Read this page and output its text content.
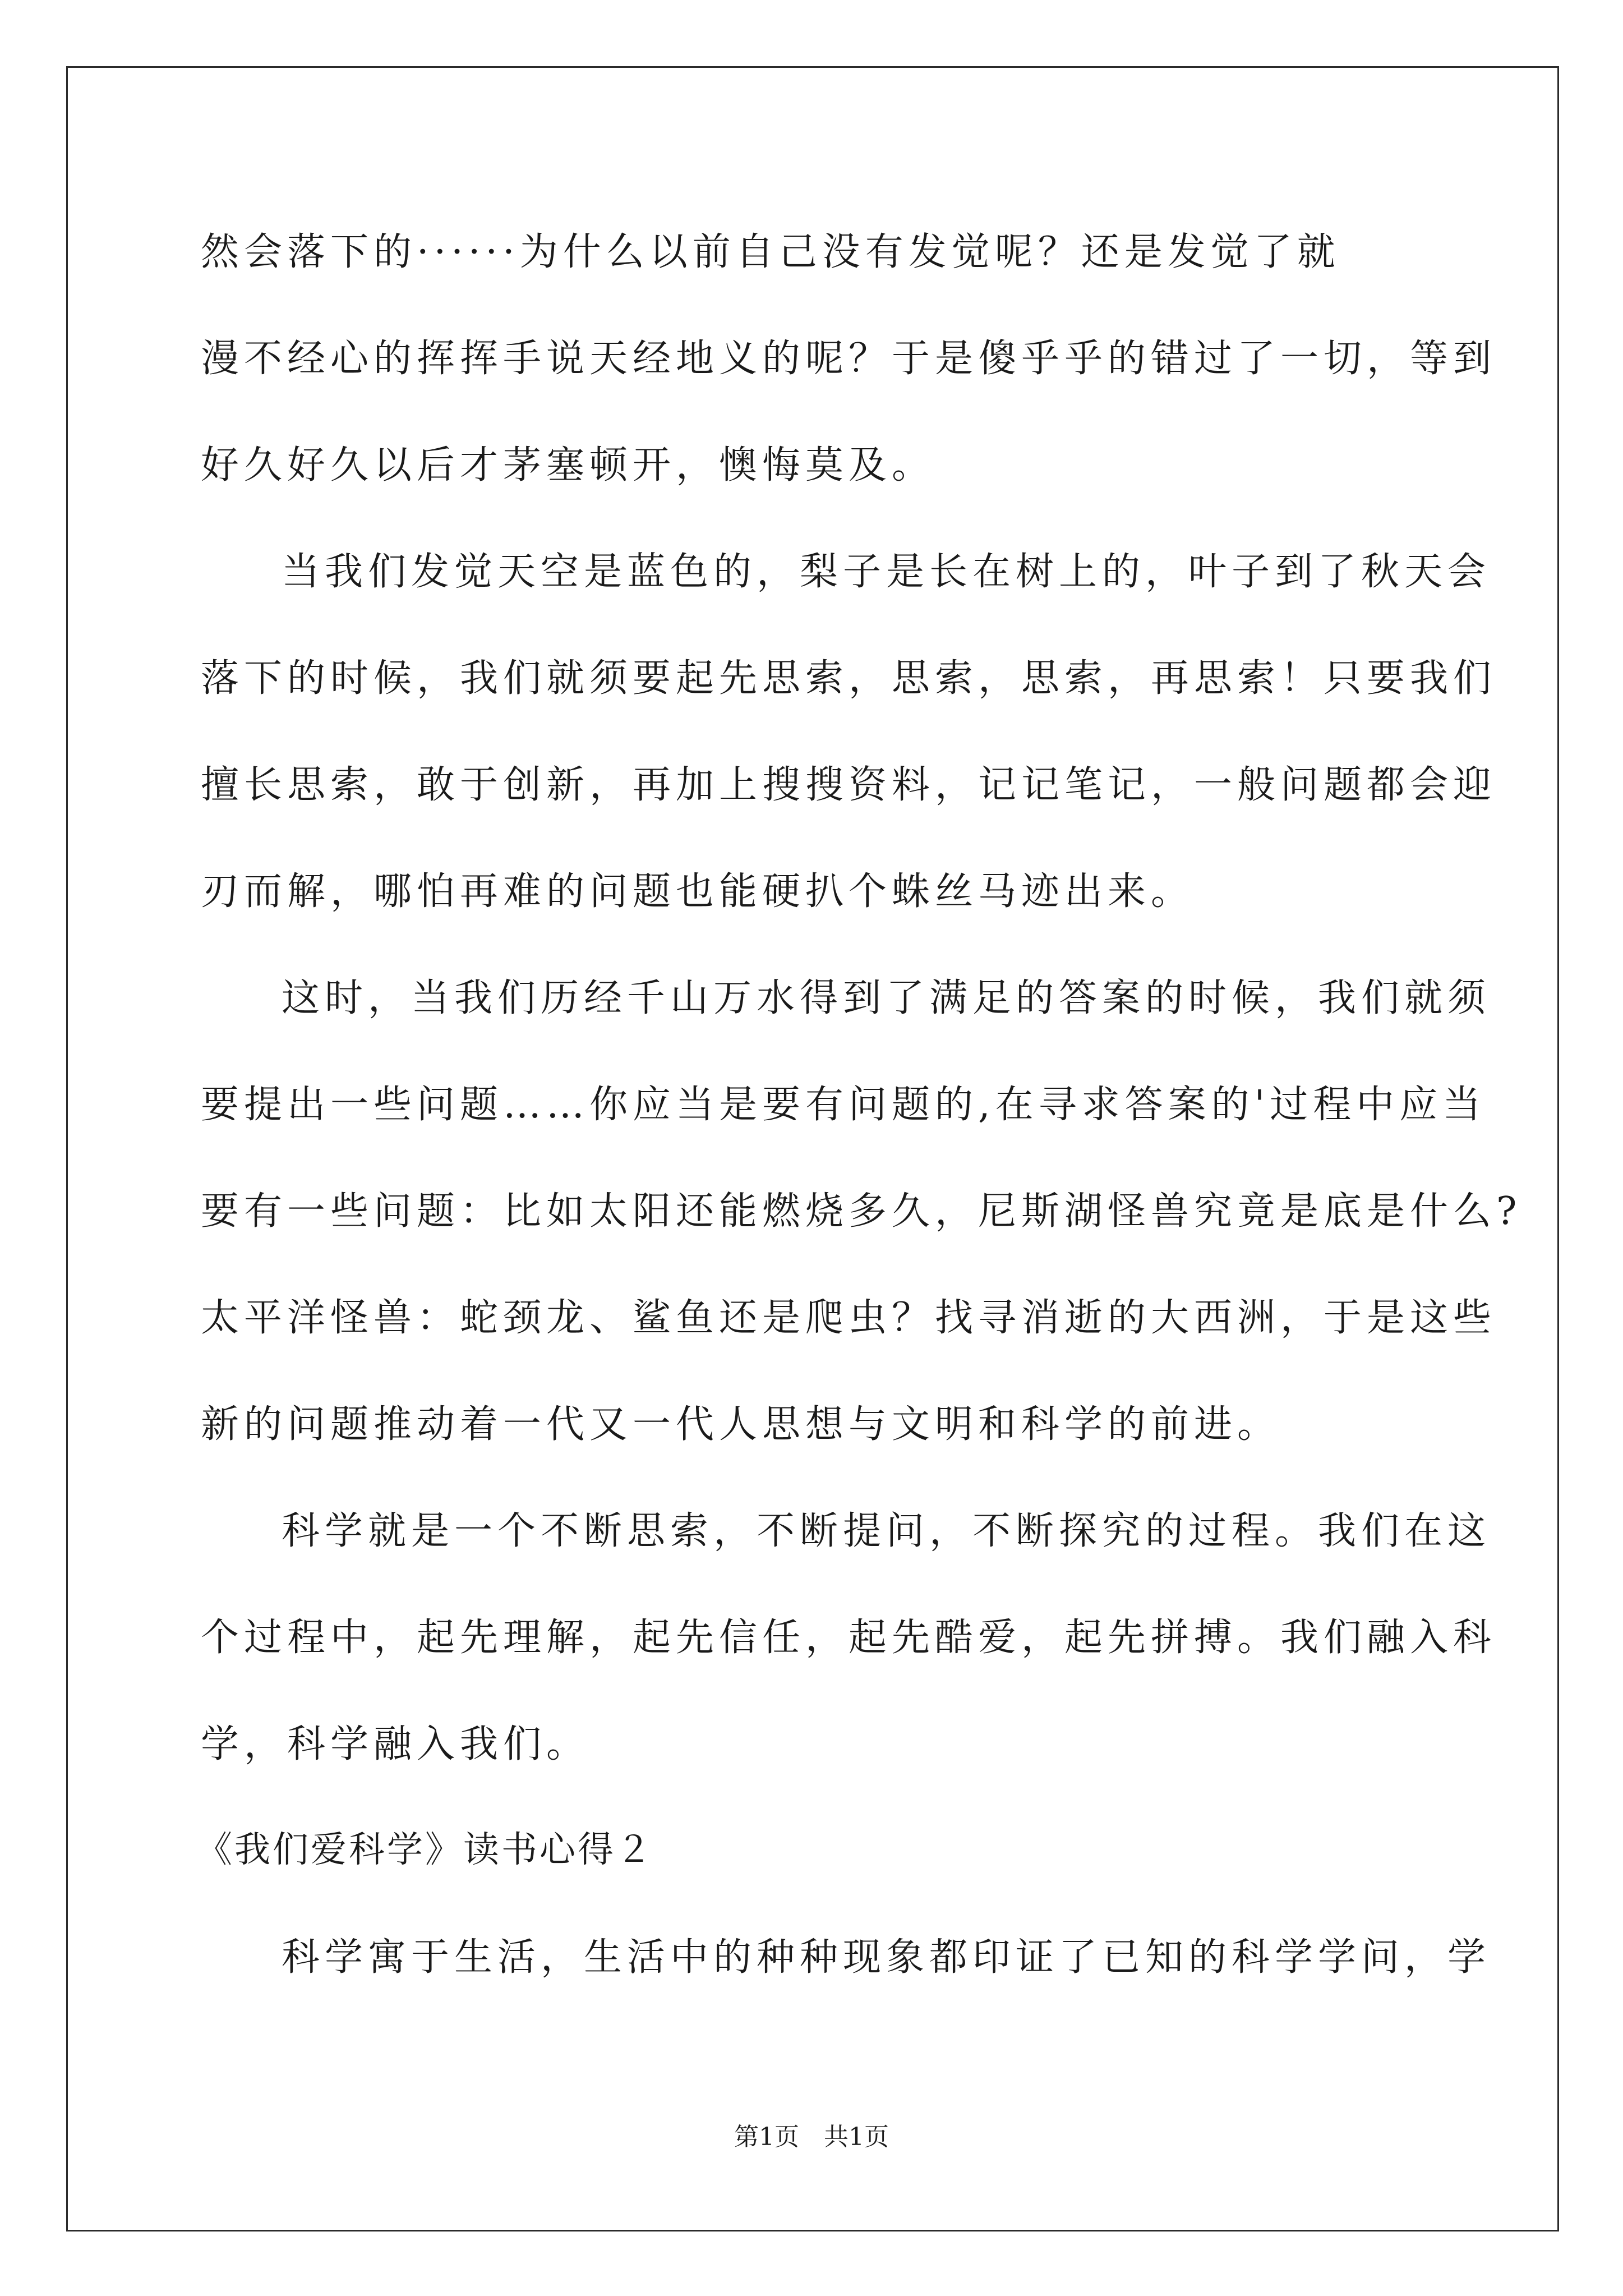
然会落下的······为什么以前自己没有发觉呢？还是发觉了就
漫不经心的挥挥手说天经地义的呢？于是傻乎乎的错过了一切，等到
好久好久以后才茅塞顿开，懊悔莫及。
当我们发觉天空是蓝色的，梨子是长在树上的，叶子到了秋天会
落下的时候，我们就须要起先思索，思索，思索，再思索！只要我们
擅长思索，敢于创新，再加上搜搜资料，记记笔记，一般问题都会迎
刃而解，哪怕再难的问题也能硬扒个蛛丝马迹出来。
这时，当我们历经千山万水得到了满足的答案的时候，我们就须
要提出一些问题……你应当是要有问题的,在寻求答案的'过程中应当
要有一些问题：比如太阳还能燃烧多久，尼斯湖怪兽究竟是底是什么?
太平洋怪兽：蛇颈龙、鲨鱼还是爬虫？找寻消逝的大西洲，于是这些
新的问题推动着一代又一代人思想与文明和科学的前进。
科学就是一个不断思索，不断提问，不断探究的过程。我们在这
个过程中，起先理解，起先信任，起先酷爱，起先拼搏。我们融入科
学，科学融入我们。
《我们爱科学》读书心得２
科学寓于生活，生活中的种种现象都印证了已知的科学学问，学
第1页　共1页
